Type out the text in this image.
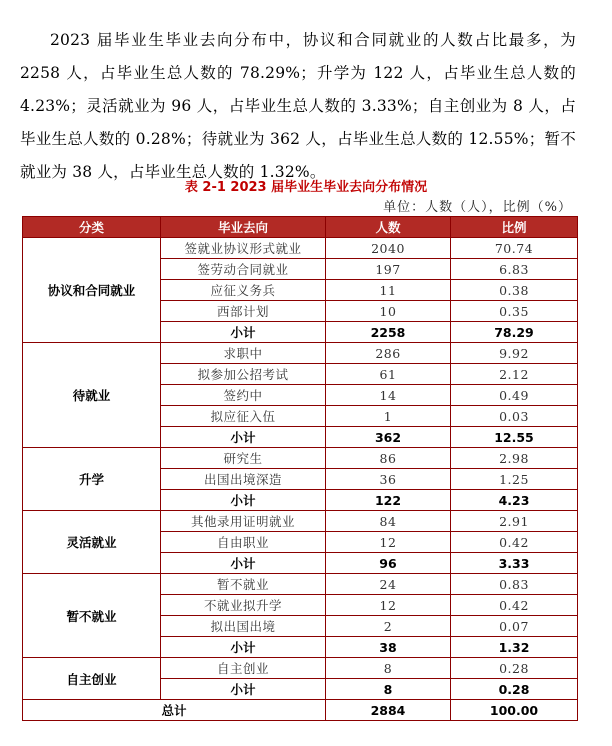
2023 届毕业生毕业去向分布中，协议和合同就业的人数占比最多，为 2258 人，占毕业生总人数的 78.29%；升学为 122 人，占毕业生总人数的 4.23%；灵活就业为 96 人，占毕业生总人数的 3.33%；自主创业为 8 人，占毕业生总人数的 0.28%；待就业为 362 人，占毕业生总人数的 12.55%；暂不就业为 38 人，占毕业生总人数的 1.32%。

表 2-1 2023 届毕业生毕业去向分布情况
单位：人数（人），比例（%）
分类	毕业去向	人数	比例
协议和合同就业	签就业协议形式就业	2040	70.74
	签劳动合同就业	197	6.83
	应征义务兵	11	0.38
	西部计划	10	0.35
	小计	2258	78.29
待就业	求职中	286	9.92
	拟参加公招考试	61	2.12
	签约中	14	0.49
	拟应征入伍	1	0.03
	小计	362	12.55
升学	研究生	86	2.98
	出国出境深造	36	1.25
	小计	122	4.23
灵活就业	其他录用证明就业	84	2.91
	自由职业	12	0.42
	小计	96	3.33
暂不就业	暂不就业	24	0.83
	不就业拟升学	12	0.42
	拟出国出境	2	0.07
	小计	38	1.32
自主创业	自主创业	8	0.28
	小计	8	0.28
总计		2884	100.00
